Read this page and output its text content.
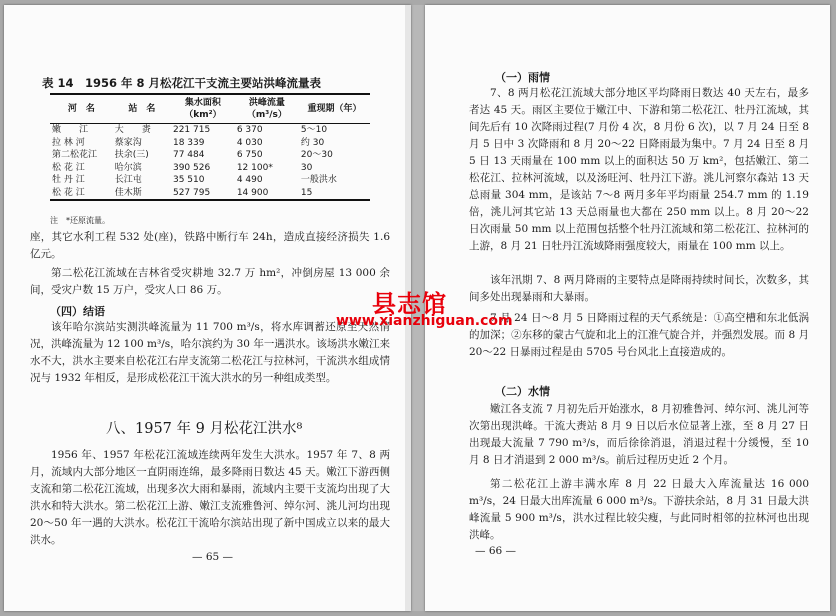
表 14　1956 年 8 月松花江干支流主要站洪峰流量表
河　名	站　名	集水面积（km²）	洪峰流量（m³/s）	重现期（年）
嫩　　江	大　　赉	221 715	6 370	5～10
拉 林 河	蔡家沟	18 339	4 030	约 30
第二松花江	扶余(三)	77 484	6 750	20～30
松 花 江	哈尔滨	390 526	12 100*	30
牡 丹 江	长江屯	35 510	4 490	一般洪水
松 花 江	佳木斯	527 795	14 900	15
注　*还原流量。

座，其它水利工程 532 处(座)，铁路中断行车 24h，造成直接经济损失 1.6 亿元。

第二松花江流域在吉林省受灾耕地 32.7 万 hm²，冲倒房屋 13 000 余间，受灾户数 15 万户，受灾人口 86 万。

（四）结语

该年哈尔滨站实测洪峰流量为 11 700 m³/s，将水库调蓄还原至天然情况，洪峰流量为 12 100 m³/s，哈尔滨约为 30 年一遇洪水。该场洪水嫩江来水不大，洪水主要来自松花江右岸支流第二松花江与拉林河，干流洪水组成情况与 1932 年相反，是形成松花江干流大洪水的另一种组成类型。

八、1957 年 9 月松花江洪水⁸

1956 年、1957 年松花江流域连续两年发生大洪水。1957 年 7、8 两月，流域内大部分地区一直阴雨连绵，最多降雨日数达 45 天。嫩江下游西侧支流和第二松花江流域，出现多次大雨和暴雨，流域内主要干支流均出现了大洪水和特大洪水。第二松花江上游、嫩江支流雅鲁河、绰尔河、洮儿河均出现 20～50 年一遇的大洪水。松花江干流哈尔滨站出现了新中国成立以来的最大洪水。

— 65 —
（一）雨情

7、8 两月松花江流域大部分地区平均降雨日数达 40 天左右，最多者达 45 天。雨区主要位于嫩江中、下游和第二松花江、牡丹江流域，其间先后有 10 次降雨过程(7 月份 4 次，8 月份 6 次)，以 7 月 24 日至 8 月 5 日中 3 次降雨和 8 月 20～22 日降雨最为集中。7 月 24 日至 8 月 5 日 13 天雨量在 100 mm 以上的面积达 50 万 km²，包括嫩江、第二松花江、拉林河流域，以及汤旺河、牡丹江下游。洮儿河察尔森站 13 天总雨量 304 mm，是该站 7～8 两月多年平均雨量 254.7 mm 的 1.19 倍，洮儿河其它站 13 天总雨量也大都在 250 mm 以上。8 月 20～22 日次雨量 50 mm 以上范围包括整个牡丹江流域和第二松花江、拉林河的上游，8 月 21 日牡丹江流域降雨强度较大，雨量在 100 mm 以上。

该年汛期 7、8 两月降雨的主要特点是降雨持续时间长，次数多，其间多处出现暴雨和大暴雨。

7 月 24 日～8 月 5 日降雨过程的天气系统是：①高空槽和东北低涡的加深；②东移的蒙古气旋和北上的江淮气旋合并，并强烈发展。而 8 月 20～22 日暴雨过程是由 5705 号台风北上直接造成的。

（二）水情

嫩江各支流 7 月初先后开始涨水，8 月初雅鲁河、绰尔河、洮儿河等次第出现洪峰。干流大赉站 8 月 9 日以后水位显著上涨，至 8 月 27 日出现最大流量 7 790 m³/s，而后徐徐消退，消退过程十分缓慢，至 10 月 8 日才消退到 2 000 m³/s。前后过程历史近 2 个月。

第二松花江上游丰满水库 8 月 22 日最大入库流量达 16 000 m³/s，24 日最大出库流量 6 000 m³/s。下游扶余站，8 月 31 日最大洪峰流量 5 900 m³/s，洪水过程比较尖瘦，与此同时相邻的拉林河也出现洪峰。

— 66 —
县志馆
www.xianzhiguan.com
